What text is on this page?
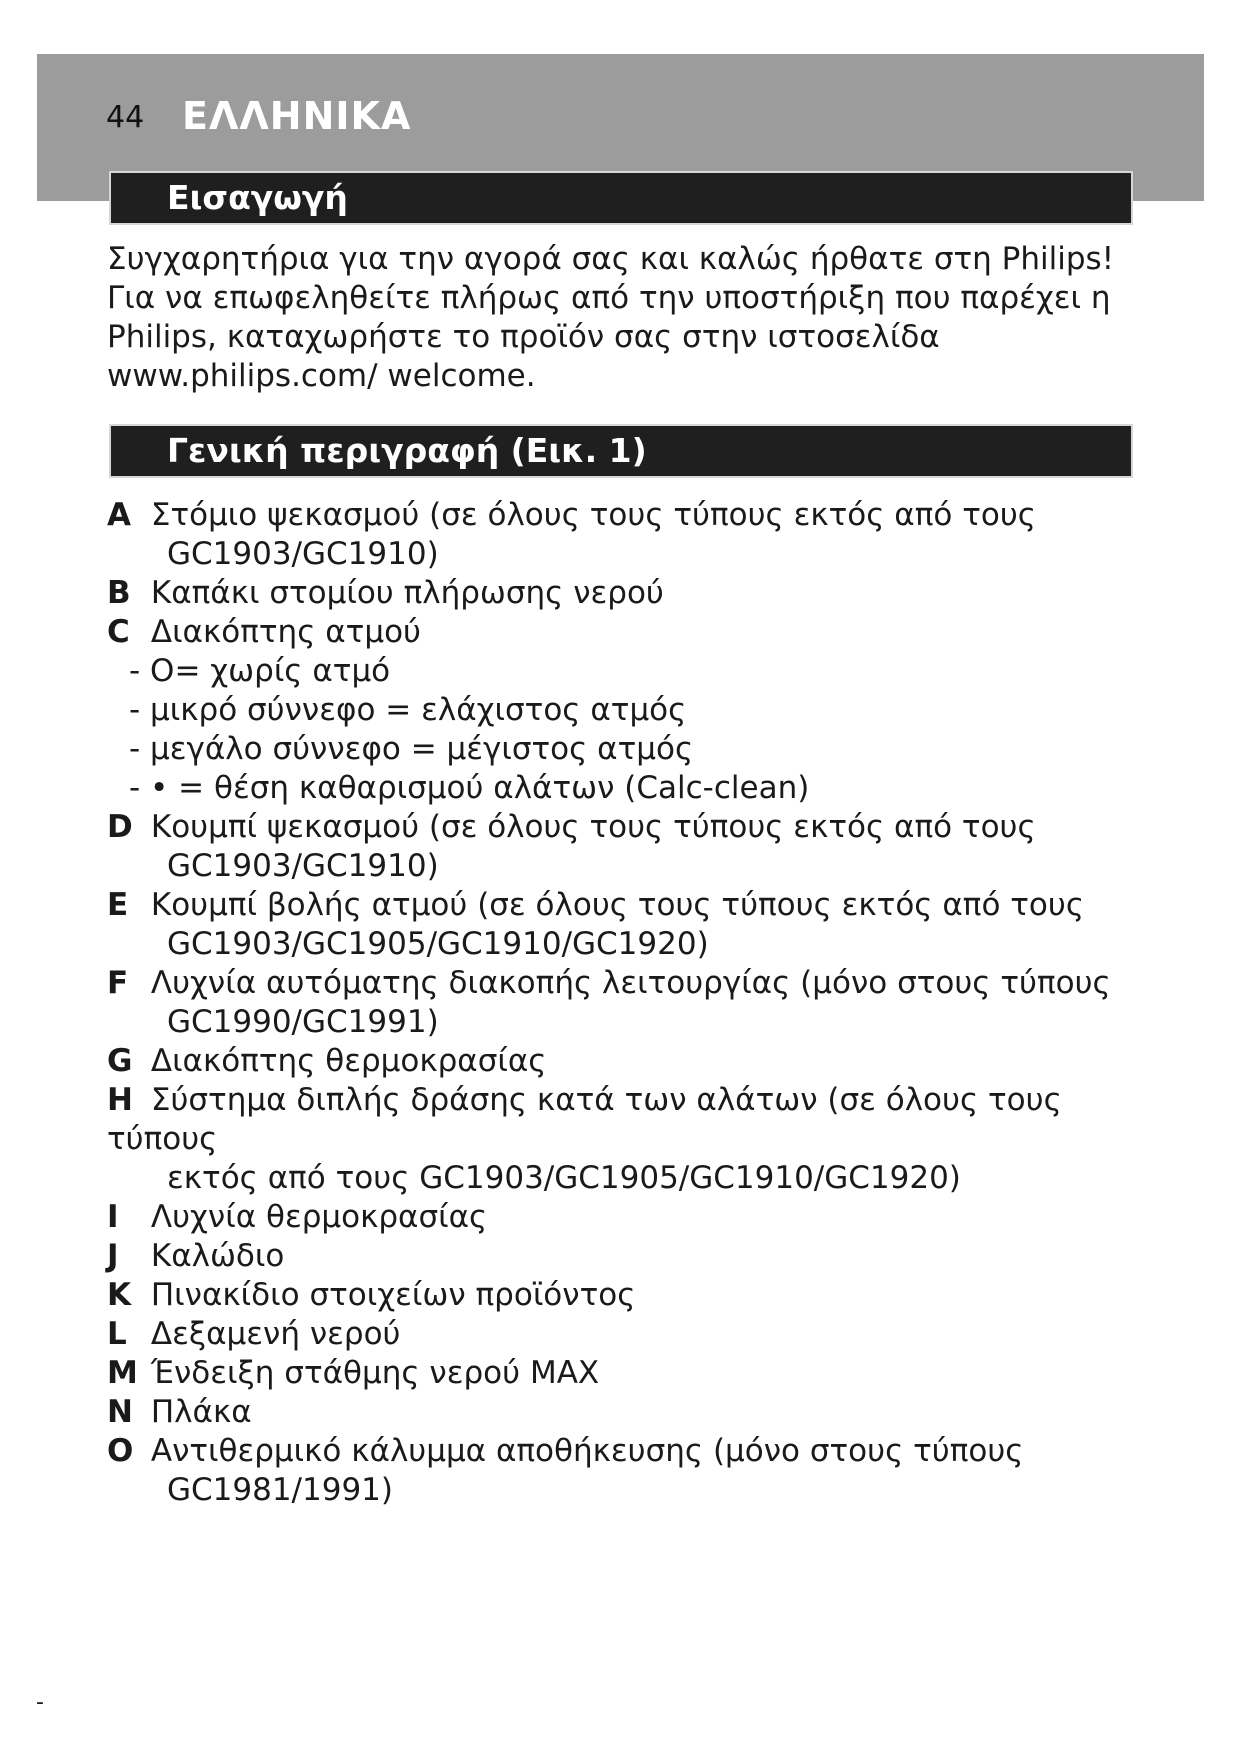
44 ΕΛΛΗΝΙΚΑ
Εισαγωγή
Συγχαρητήρια για την αγορά σας και καλώς ήρθατε στη Philips! Για να επωφεληθείτε πλήρως από την υποστήριξη που παρέχει η Philips, καταχωρήστε το προϊόν σας στην ιστοσελίδα www.philips.com/ welcome.
Γενική περιγραφή (Εικ. 1)
A Στόμιο ψεκασμού (σε όλους τους τύπους εκτός από τους
GC1903/GC1910)
B Καπάκι στομίου πλήρωσης νερού
C Διακόπτης ατμού
- O= χωρίς ατμό
- μικρό σύννεφο = ελάχιστος ατμός
- μεγάλο σύννεφο = μέγιστος ατμός
- • = θέση καθαρισμού αλάτων (Calc-clean)
D Κουμπί ψεκασμού (σε όλους τους τύπους εκτός από τους
GC1903/GC1910)
E Κουμπί βολής ατμού (σε όλους τους τύπους εκτός από τους
GC1903/GC1905/GC1910/GC1920)
F Λυχνία αυτόματης διακοπής λειτουργίας (μόνο στους τύπους
GC1990/GC1991)
G Διακόπτης θερμοκρασίας
H Σύστημα διπλής δράσης κατά των αλάτων (σε όλους τους τύπους
εκτός από τους GC1903/GC1905/GC1910/GC1920)
I Λυχνία θερμοκρασίας
J Καλώδιο
K Πινακίδιο στοιχείων προϊόντος
L Δεξαμενή νερού
M Ένδειξη στάθμης νερού MAX
N Πλάκα
O Αντιθερμικό κάλυμμα αποθήκευσης (μόνο στους τύπους
GC1981/1991)
-
